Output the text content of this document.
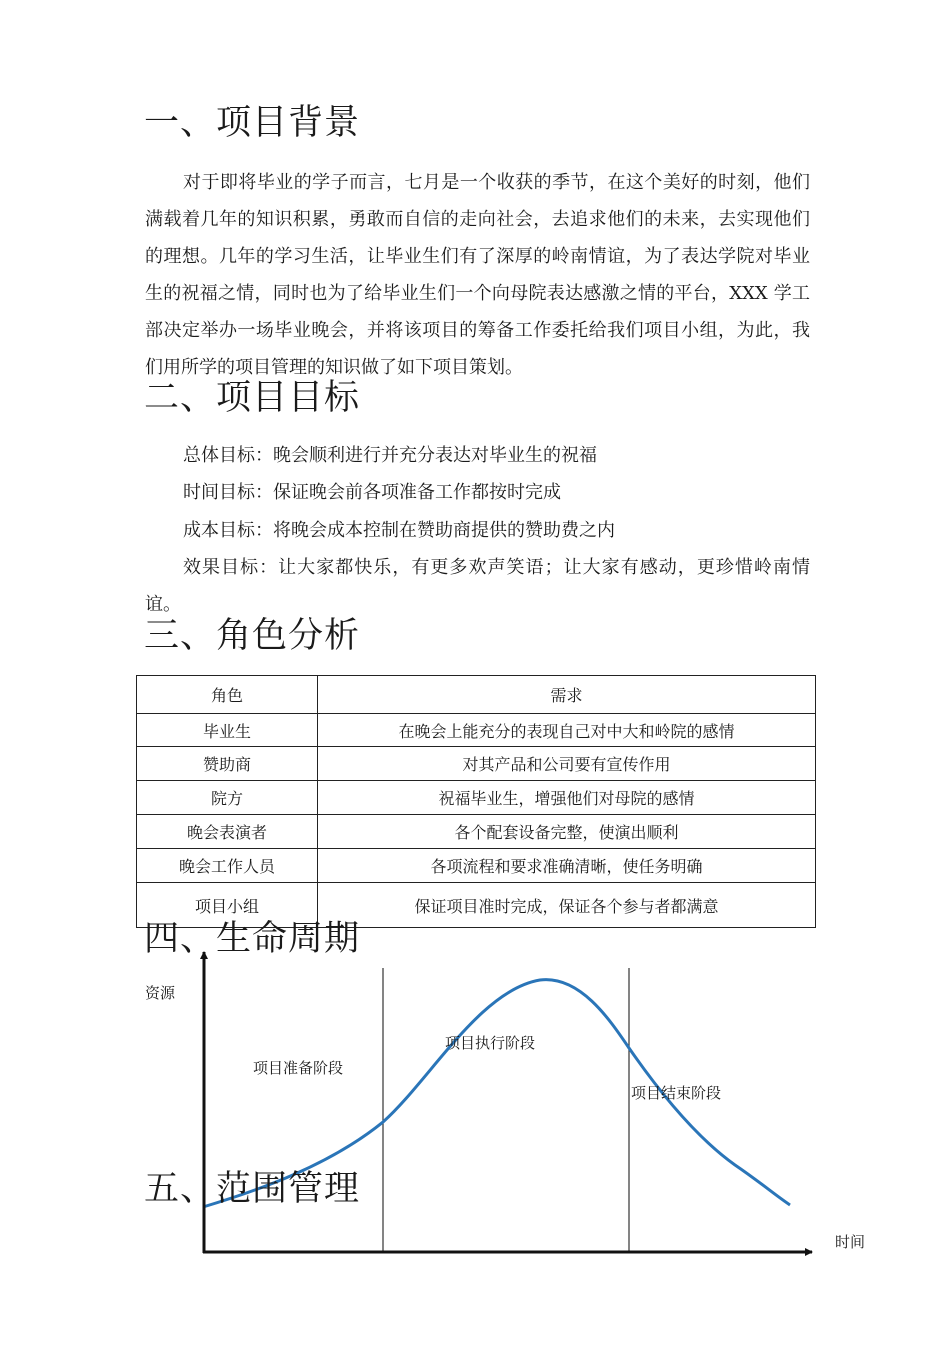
一、项目背景

对于即将毕业的学子而言，七月是一个收获的季节，在这个美好的时刻，他们满载着几年的知识积累，勇敢而自信的走向社会，去追求他们的未来，去实现他们的理想。几年的学习生活，让毕业生们有了深厚的岭南情谊，为了表达学院对毕业生的祝福之情，同时也为了给毕业生们一个向母院表达感激之情的平台，XXX 学工部决定举办一场毕业晚会，并将该项目的筹备工作委托给我们项目小组，为此，我们用所学的项目管理的知识做了如下项目策划。

二、项目目标

总体目标：晚会顺利进行并充分表达对毕业生的祝福

时间目标：保证晚会前各项准备工作都按时完成

成本目标：将晚会成本控制在赞助商提供的赞助费之内

效果目标：让大家都快乐，有更多欢声笑语；让大家有感动，更珍惜岭南情谊。

三、角色分析
角色	需求
毕业生	在晚会上能充分的表现自己对中大和岭院的感情
赞助商	对其产品和公司要有宣传作用
院方	祝福毕业生，增强他们对母院的感情
晚会表演者	各个配套设备完整，使演出顺利
晚会工作人员	各项流程和要求准确清晰，使任务明确
项目小组	保证项目准时完成，保证各个参与者都满意
资源
时间
项目准备阶段
项目执行阶段
项目结束阶段
四、生命周期
五、范围管理
